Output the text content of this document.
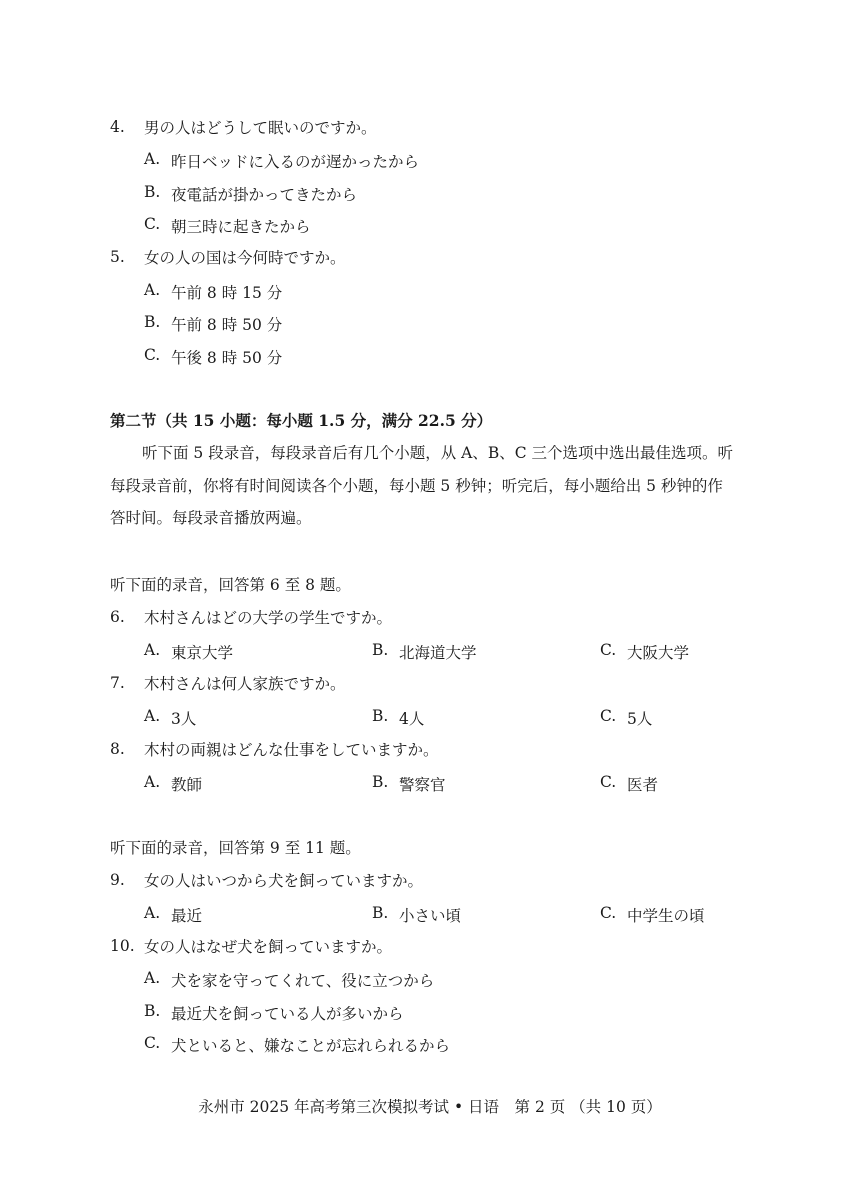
4. 男の人はどうして眠いのですか。
A. 昨日ベッドに入るのが遅かったから
B. 夜電話が掛かってきたから
C. 朝三時に起きたから
5. 女の人の国は今何時ですか。
A. 午前 8 時 15 分
B. 午前 8 時 50 分
C. 午後 8 時 50 分
第二节（共 15 小题：每小题 1.5 分，满分 22.5 分）
听下面 5 段录音，每段录音后有几个小题，从 A、B、C 三个选项中选出最佳选项。听
每段录音前，你将有时间阅读各个小题，每小题 5 秒钟；听完后，每小题给出 5 秒钟的作
答时间。每段录音播放两遍。
听下面的录音，回答第 6 至 8 题。
6. 木村さんはどの大学の学生ですか。
A. 東京大学	B. 北海道大学	C. 大阪大学
7. 木村さんは何人家族ですか。
A. 3人	B. 4人	C. 5人
8. 木村の両親はどんな仕事をしていますか。
A. 教師	B. 警察官	C. 医者
听下面的录音，回答第 9 至 11 题。
9. 女の人はいつから犬を飼っていますか。
A. 最近	B. 小さい頃	C. 中学生の頃
10. 女の人はなぜ犬を飼っていますか。
A. 犬を家を守ってくれて、役に立つから
B. 最近犬を飼っている人が多いから
C. 犬といると、嫌なことが忘れられるから
永州市 2025 年高考第三次模拟考试 • 日语　第 2 页 （共 10 页）
